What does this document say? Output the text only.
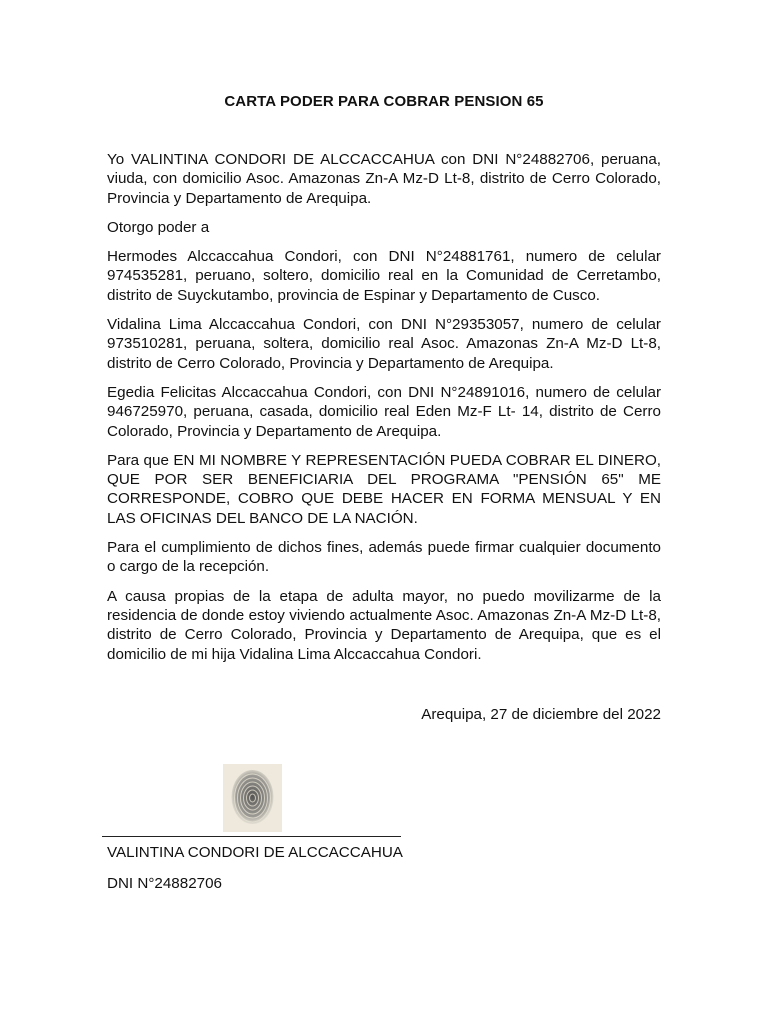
CARTA PODER PARA COBRAR PENSION 65

Yo VALINTINA CONDORI DE ALCCACCAHUA con DNI N°24882706, peruana, viuda, con domicilio Asoc. Amazonas Zn-A Mz-D Lt-8, distrito de Cerro Colorado, Provincia y Departamento de Arequipa.

Otorgo poder a

Hermodes Alccaccahua Condori, con DNI N°24881761, numero de celular 974535281, peruano, soltero, domicilio real en la Comunidad de Cerretambo, distrito de Suyckutambo, provincia de Espinar y Departamento de Cusco.

Vidalina Lima Alccaccahua Condori, con DNI N°29353057, numero de celular 973510281, peruana, soltera, domicilio real Asoc. Amazonas Zn-A Mz-D Lt-8, distrito de Cerro Colorado, Provincia y Departamento de Arequipa.

Egedia Felicitas Alccaccahua Condori, con DNI N°24891016, numero de celular 946725970, peruana, casada, domicilio real Eden Mz-F Lt- 14, distrito de Cerro Colorado, Provincia y Departamento de Arequipa.

Para que EN MI NOMBRE Y REPRESENTACIÓN PUEDA COBRAR EL DINERO, QUE POR SER BENEFICIARIA DEL PROGRAMA "PENSIÓN 65" ME CORRESPONDE, COBRO QUE DEBE HACER EN FORMA MENSUAL Y EN LAS OFICINAS DEL BANCO DE LA NACIÓN.

Para el cumplimiento de dichos fines, además puede firmar cualquier documento o cargo de la recepción.

A causa propias de la etapa de adulta mayor, no puedo movilizarme de la residencia de donde estoy viviendo actualmente Asoc. Amazonas Zn-A Mz-D Lt-8, distrito de Cerro Colorado, Provincia y Departamento de Arequipa, que es el domicilio de mi hija Vidalina Lima Alccaccahua Condori.

Arequipa, 27 de diciembre del 2022
VALINTINA CONDORI DE ALCCACCAHUA
DNI N°24882706
